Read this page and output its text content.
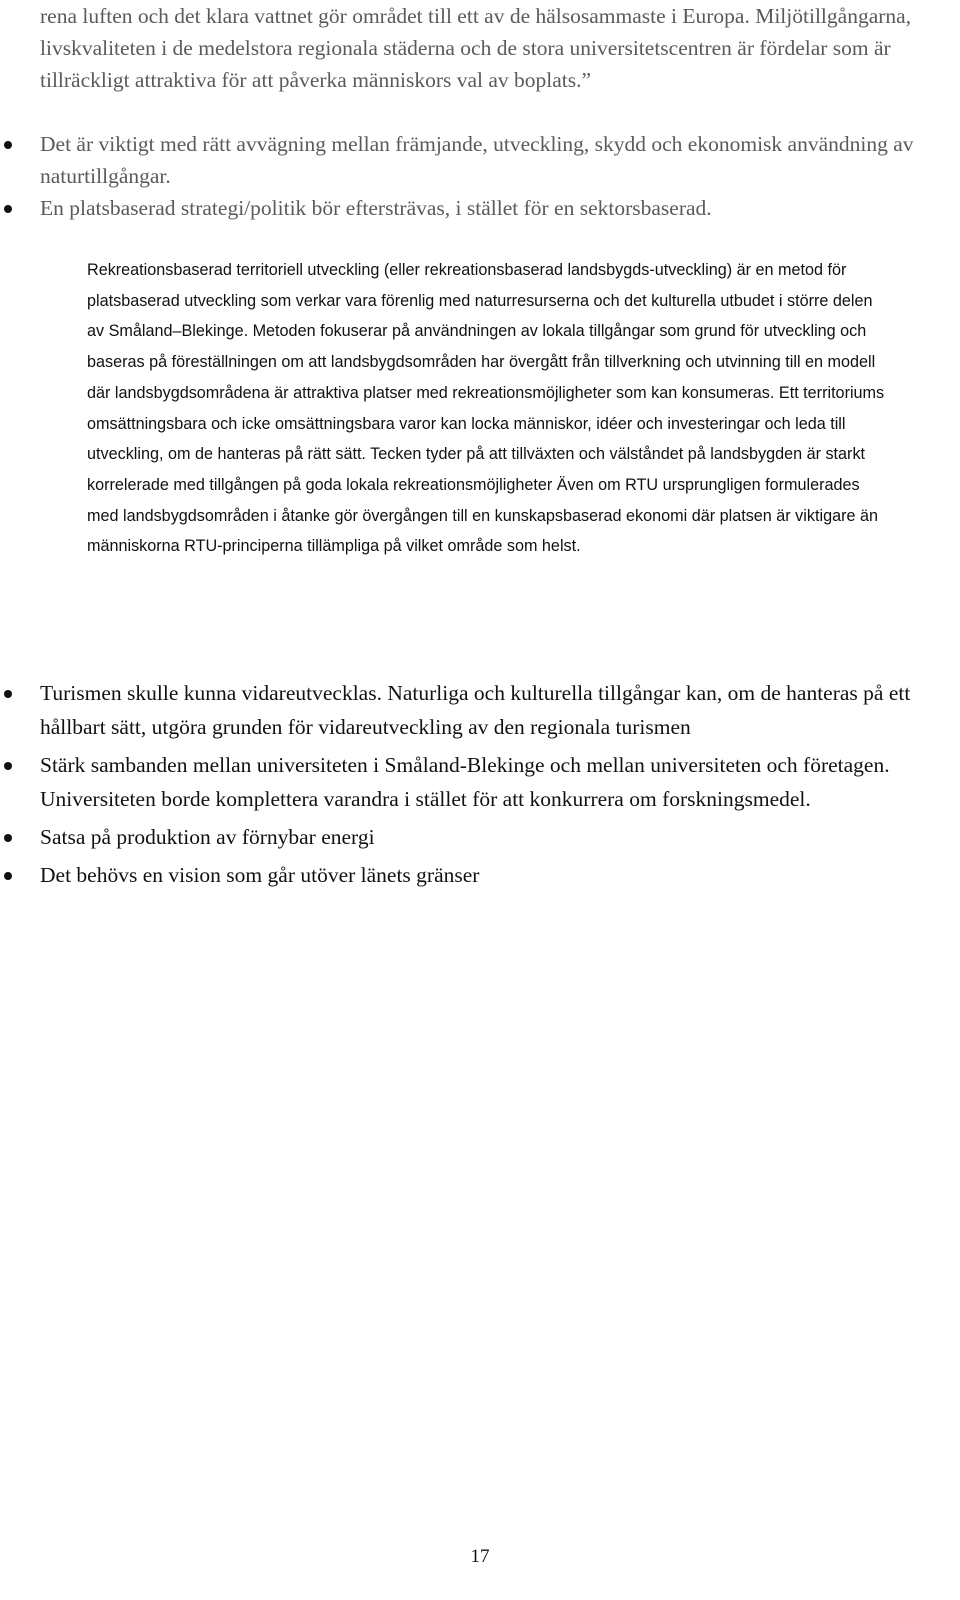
rena luften och det klara vattnet gör området till ett av de hälsosammaste i Europa. Miljötillgångarna, livskvaliteten i de medelstora regionala städerna och de stora universitetscentren är fördelar som är tillräckligt attraktiva för att påverka människors val av boplats.”

Det är viktigt med rätt avvägning mellan främjande, utveckling, skydd och ekonomisk användning av naturtillgångar.
En platsbaserad strategi/politik bör eftersträvas, i stället för en sektorsbaserad.

Rekreationsbaserad territoriell utveckling (eller rekreationsbaserad landsbygds-utveckling) är en metod för platsbaserad utveckling som verkar vara förenlig med naturresurserna och det kulturella utbudet i större delen av Småland–Blekinge. Metoden fokuserar på användningen av lokala tillgångar som grund för utveckling och baseras på föreställningen om att landsbygdsområden har övergått från tillverkning och utvinning till en modell där landsbygdsområdena är attraktiva platser med rekreationsmöjligheter som kan konsumeras. Ett territoriums omsättningsbara och icke omsättningsbara varor kan locka människor, idéer och investeringar och leda till utveckling, om de hanteras på rätt sätt. Tecken tyder på att tillväxten och välståndet på landsbygden är starkt korrelerade med tillgången på goda lokala rekreationsmöjligheter Även om RTU ursprungligen formulerades med landsbygdsområden i åtanke gör övergången till en kunskapsbaserad ekonomi där platsen är viktigare än människorna RTU-principerna tillämpliga på vilket område som helst.

Turismen skulle kunna vidareutvecklas. Naturliga och kulturella tillgångar kan, om de hanteras på ett hållbart sätt, utgöra grunden för vidareutveckling av den regionala turismen
Stärk sambanden mellan universiteten i Småland-Blekinge och mellan universiteten och företagen. Universiteten borde komplettera varandra i stället för att konkurrera om forskningsmedel.
Satsa på produktion av förnybar energi
Det behövs en vision som går utöver länets gränser
17
